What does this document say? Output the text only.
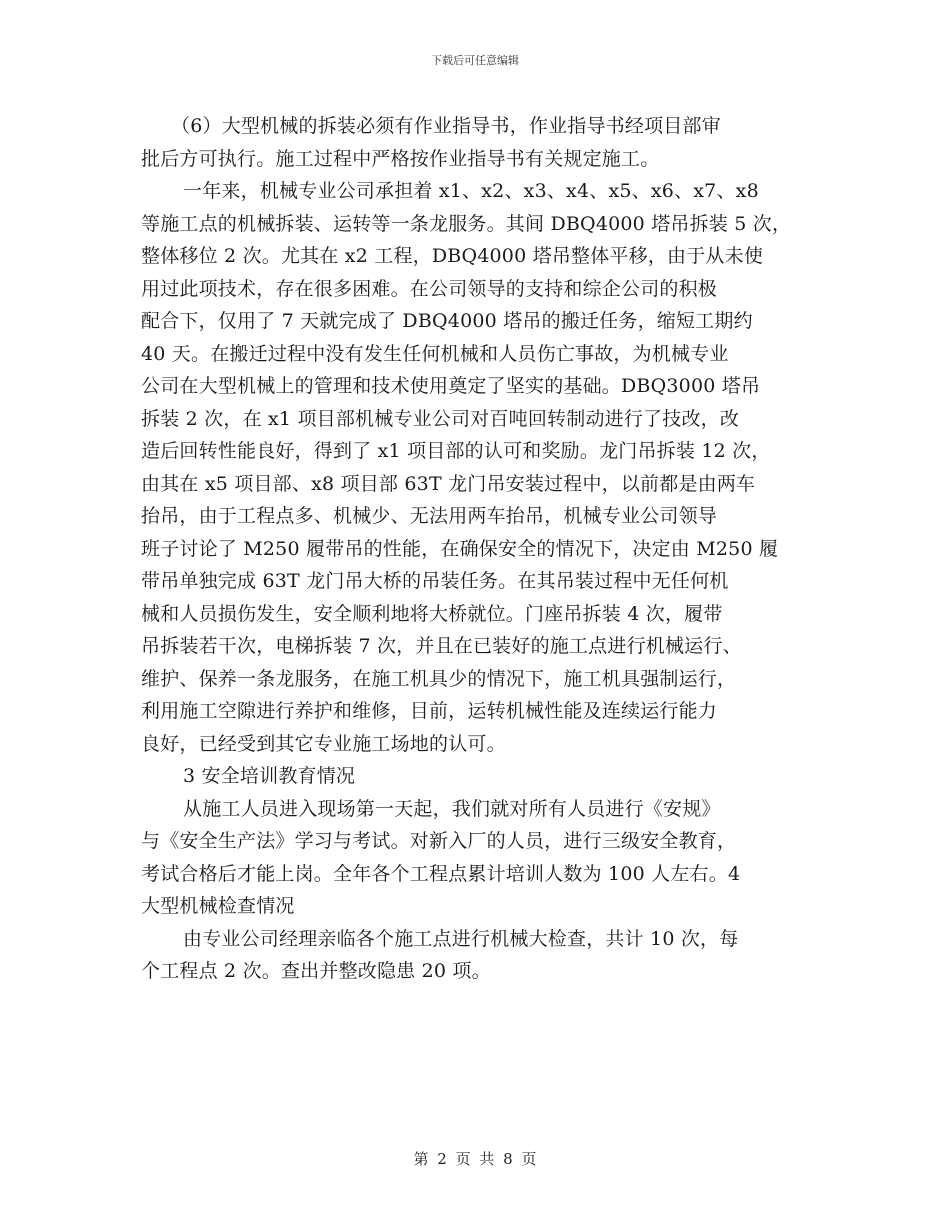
下载后可任意编辑
（6）大型机械的拆装必须有作业指导书，作业指导书经项目部审
批后方可执行。施工过程中严格按作业指导书有关规定施工。
一年来，机械专业公司承担着 x1、x2、x3、x4、x5、x6、x7、x8
等施工点的机械拆装、运转等一条龙服务。其间 DBQ4000 塔吊拆装 5 次，
整体移位 2 次。尤其在 x2 工程，DBQ4000 塔吊整体平移，由于从未使
用过此项技术，存在很多困难。在公司领导的支持和综企公司的积极
配合下，仅用了 7 天就完成了 DBQ4000 塔吊的搬迁任务，缩短工期约
40 天。在搬迁过程中没有发生任何机械和人员伤亡事故，为机械专业
公司在大型机械上的管理和技术使用奠定了坚实的基础。DBQ3000 塔吊
拆装 2 次，在 x1 项目部机械专业公司对百吨回转制动进行了技改，改
造后回转性能良好，得到了 x1 项目部的认可和奖励。龙门吊拆装 12 次，
由其在 x5 项目部、x8 项目部 63T 龙门吊安装过程中，以前都是由两车
抬吊，由于工程点多、机械少、无法用两车抬吊，机械专业公司领导
班子讨论了 M250 履带吊的性能，在确保安全的情况下，决定由 M250 履
带吊单独完成 63T 龙门吊大桥的吊装任务。在其吊装过程中无任何机
械和人员损伤发生，安全顺利地将大桥就位。门座吊拆装 4 次，履带
吊拆装若干次，电梯拆装 7 次，并且在已装好的施工点进行机械运行、
维护、保养一条龙服务，在施工机具少的情况下，施工机具强制运行，
利用施工空隙进行养护和维修，目前，运转机械性能及连续运行能力
良好，已经受到其它专业施工场地的认可。
3 安全培训教育情况
从施工人员进入现场第一天起，我们就对所有人员进行《安规》
与《安全生产法》学习与考试。对新入厂的人员，进行三级安全教育，
考试合格后才能上岗。全年各个工程点累计培训人数为 100 人左右。4
大型机械检查情况
由专业公司经理亲临各个施工点进行机械大检查，共计 10 次，每
个工程点 2 次。查出并整改隐患 20 项。
第 2 页 共 8 页
